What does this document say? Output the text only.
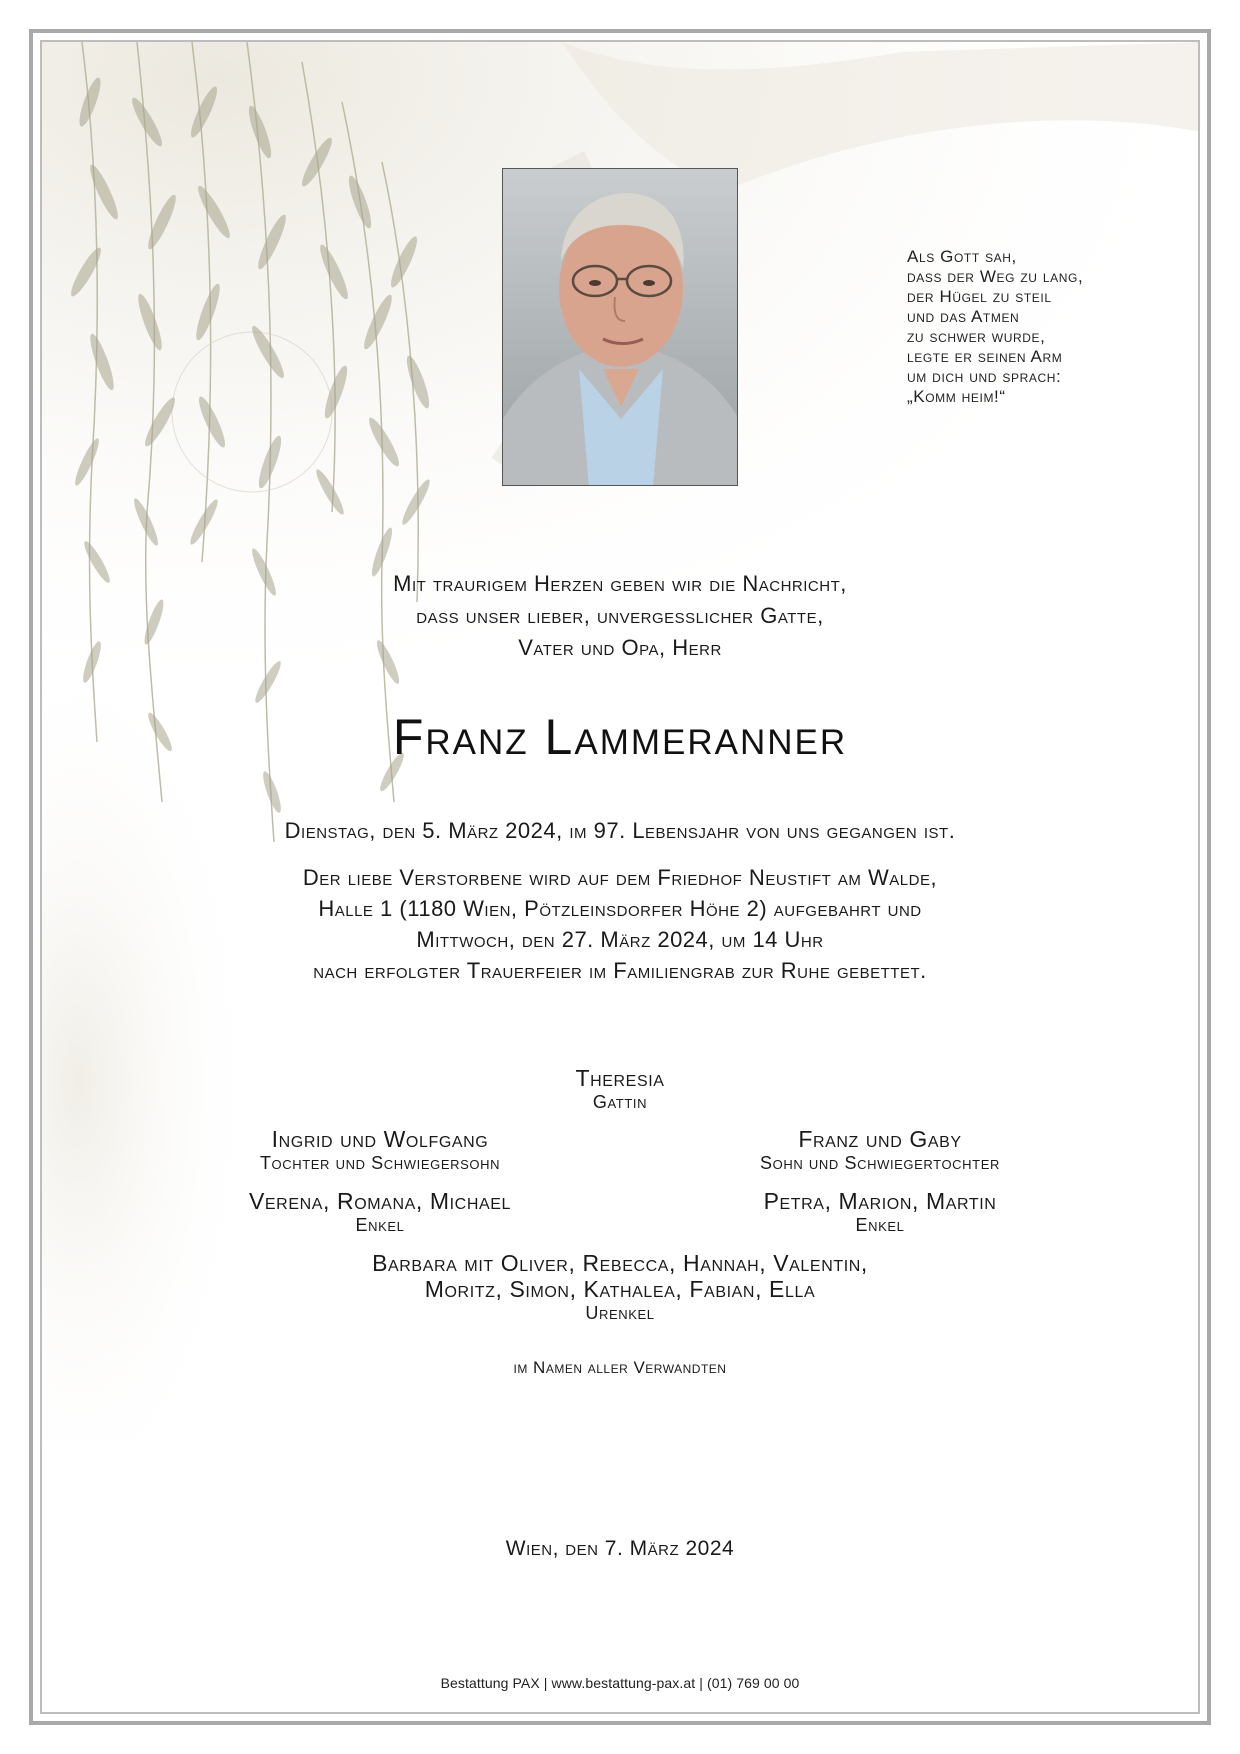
Als Gott sah,
dass der Weg zu lang,
der Hügel zu steil
und das Atmen
zu schwer wurde,
legte er seinen Arm
um dich und sprach:
„Komm heim!“
Mit traurigem Herzen geben wir die Nachricht,
dass unser lieber, unvergesslicher Gatte,
Vater und Opa, Herr
Franz Lammeranner
Dienstag, den 5. März 2024, im 97. Lebensjahr von uns gegangen ist.
Der liebe Verstorbene wird auf dem Friedhof Neustift am Walde,
Halle 1 (1180 Wien, Pötzleinsdorfer Höhe 2) aufgebahrt und
Mittwoch, den 27. März 2024, um 14 Uhr
nach erfolgter Trauerfeier im Familiengrab zur Ruhe gebettet.
Theresia
Gattin
Ingrid und Wolfgang
Tochter und Schwiegersohn
Franz und Gaby
Sohn und Schwiegertochter
Verena, Romana, Michael
Enkel
Petra, Marion, Martin
Enkel
Barbara mit Oliver, Rebecca, Hannah, Valentin,
Moritz, Simon, Kathalea, Fabian, Ella
Urenkel
im Namen aller Verwandten
Wien, den 7. März 2024
Bestattung PAX | www.bestattung-pax.at | (01) 769 00 00
